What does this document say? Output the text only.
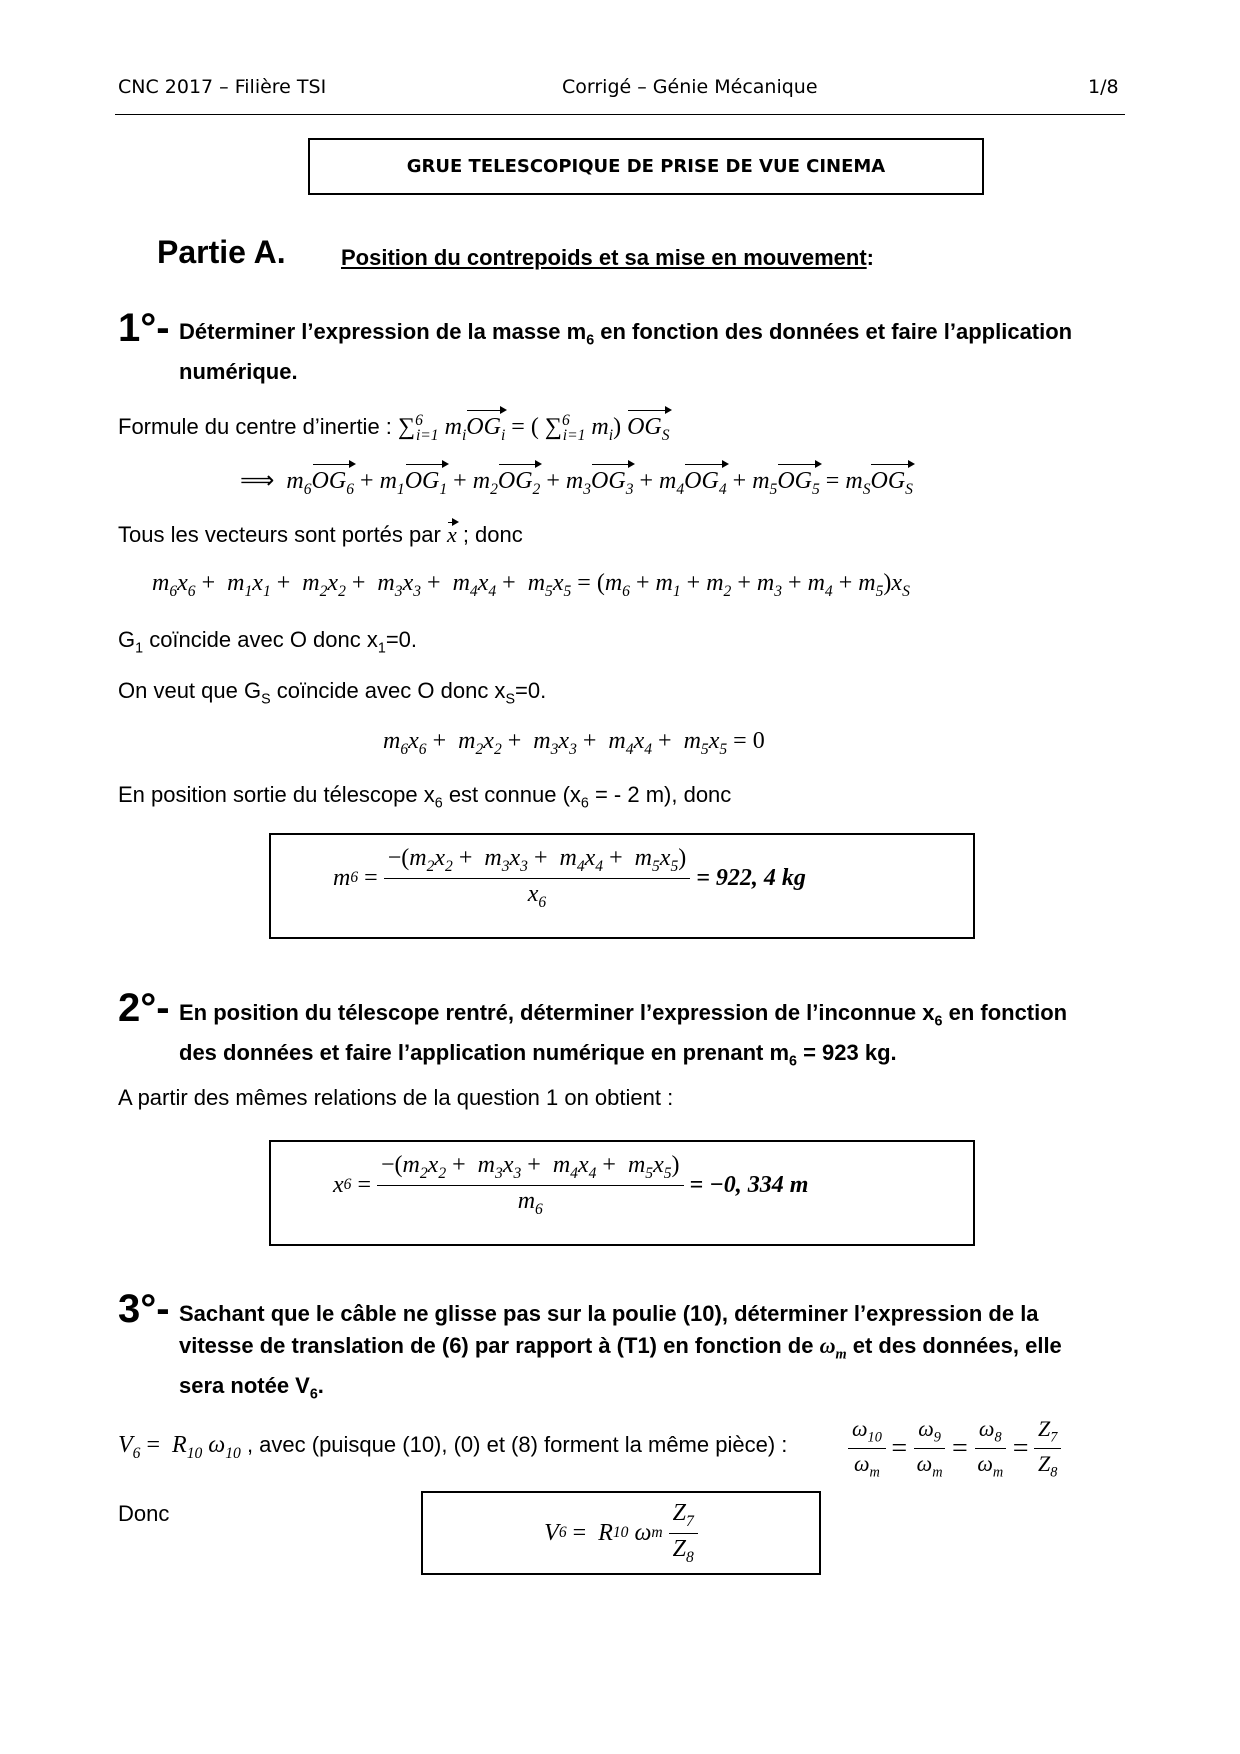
CNC 2017 – Filière TSI	Corrigé – Génie Mécanique	1/8
GRUE TELESCOPIQUE DE PRISE DE VUE CINEMA
Partie A.	Position du contrepoids et sa mise en mouvement:
1°- Déterminer l’expression de la masse $m_6$ en fonction des données et faire l’application
numérique.
Formule du centre d’inertie : ∑$^6_{i=1}$ $m_iOG_i$ = ( ∑$^6_{i=1}$ $m_i$) $OG_S$
⟹  $m_6OG_6 + m_1OG_1 + m_2OG_2 + m_3OG_3 + m_4OG_4 + m_5OG_5 = m_SOG_S$
Tous les vecteurs sont portés par x ; donc
$m_6x_6 + m_1x_1 + m_2x_2 + m_3x_3 + m_4x_4 + m_5x_5 = (m_6 + m_1 + m_2 + m_3 + m_4 + m_5)x_S$
$G_1$ coïncide avec O donc $x_1=0$.
On veut que $G_S$ coïncide avec O donc $x_S=0$.
$m_6x_6 + m_2x_2 + m_3x_3 + m_4x_4 + m_5x_5 = 0$
En position sortie du télescope $x_6$ est connue ($x_6$ = - 2 m), donc
m 6
=
$\frac{-(m_2x_2 + m_3x_3 + m_4x_4 + m_5x_5)}{x_6}$
= 922, 4 kg
2°- En position du télescope rentré, déterminer l’expression de l’inconnue $x_6$ en fonction
des données et faire l’application numérique en prenant $m_6 = 923$ kg.
A partir des mêmes relations de la question 1 on obtient :
x 6
=
$\frac{-(m_2x_2 + m_3x_3 + m_4x_4 + m_5x_5)}{m_6}$
= −0, 334 m
3°- Sachant que le câble ne glisse pas sur la poulie (10), déterminer l’expression de la
vitesse de translation de (6) par rapport à (T1) en fonction de $\omega_m$ et des données, elle
sera notée $V_6$.
$V_6 = R_{10}$ $\omega_{10}$ , avec (puisque (10), (0) et (8) forment la même pièce) :	$\frac{\omega_{10}}{\omega_m}$
=
$\frac{\omega_9}{\omega_m}$
=
$\frac{\omega_8}{\omega_m}$
=
$\frac{Z_7}{Z_8}$
Donc
V 6
= R 10 ω m
$\frac{Z_7}{Z_8}$
